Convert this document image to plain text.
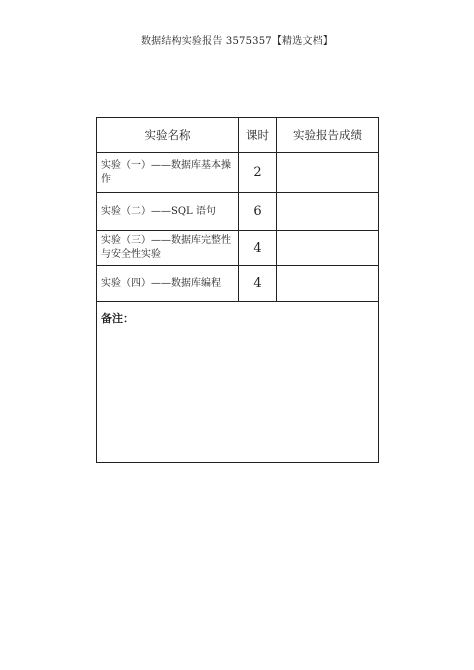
数据结构实验报告 3575357【精选文档】
实验名称	课时	实验报告成绩
实验（一）——数据库基本操作	2	
实验（二）——SQL 语句	6	
实验（三）——数据库完整性与安全性实验	4	
实验（四）——数据库编程	4	
备注：		
